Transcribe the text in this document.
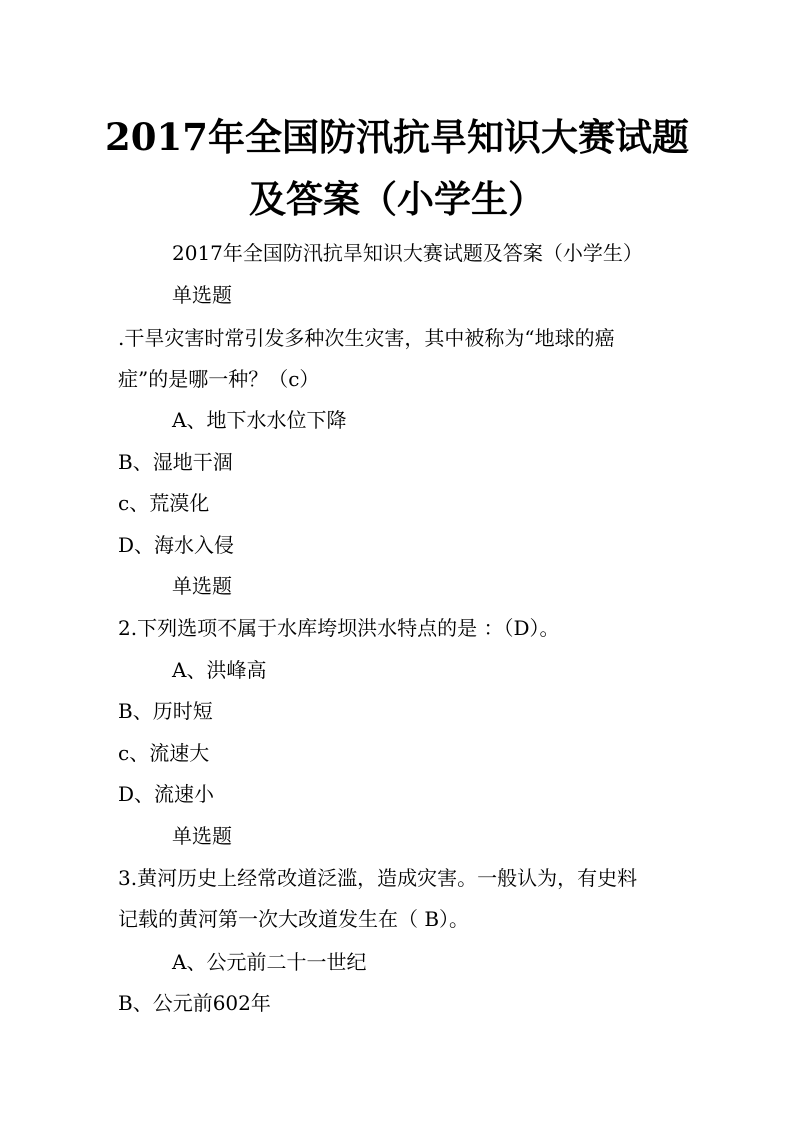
2017年全国防汛抗旱知识大赛试题
及答案（小学生）
2017年全国防汛抗旱知识大赛试题及答案（小学生）
单选题
.干旱灾害时常引发多种次生灾害，其中被称为“地球的癌
症”的是哪一种？（c）
A、地下水水位下降
B、湿地干涸
c、荒漠化
D、海水入侵
单选题
2.下列选项不属于水库垮坝洪水特点的是 ：（D）。
A、洪峰高
B、历时短
c、流速大
D、流速小
单选题
3.黄河历史上经常改道泛滥，造成灾害。一般认为，有史料
记载的黄河第一次大改道发生在（ B）。
A、公元前二十一世纪
B、公元前602年
